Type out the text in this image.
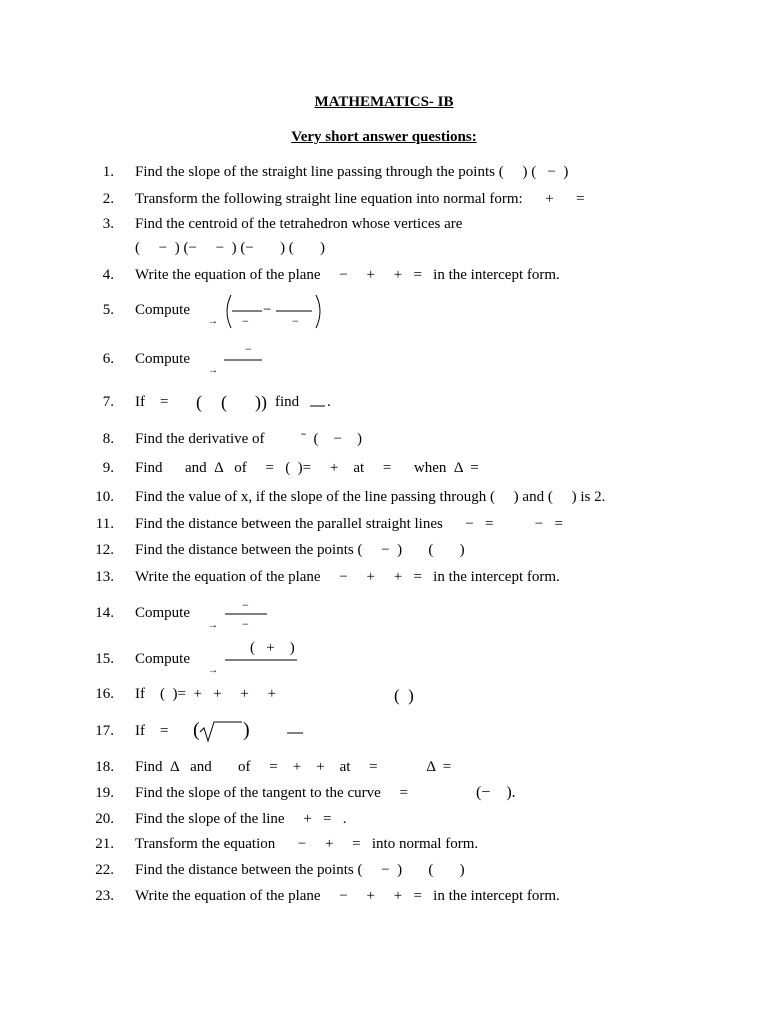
MATHEMATICS- IB
Very short answer questions:
1. Find the slope of the straight line passing through the points (     ) (   −  )
2. Transform the following straight line equation into normal form:      +      =
3. Find the centroid of the tetrahedron whose vertices are
(     −  ) (−     −  ) (−       ) (       )
4. Write the equation of the plane     −     +     +   =   in the intercept form.
5. Compute
6. Compute
7. If    =
8. Find the derivative of
9. Find      and  Δ   of     =   (  )=     +    at     =      when  Δ  =
10. Find the value of x, if the slope of the line passing through (     ) and (     ) is 2.
11. Find the distance between the parallel straight lines      −   =           −   =
12. Find the distance between the points (     −  )       (       )
13. Write the equation of the plane     −     +     +   =   in the intercept form.
14. Compute
15. Compute
16. If    (  )=  +   +     +     +
17. If    =
18. Find  Δ   and       of     =    +    +    at     =             Δ  =
19. Find the slope of the tangent to the curve     =
20. Find the slope of the line     +   =   .
21. Transform the equation      −     +     =   into normal form.
22. Find the distance between the points (     −  )       (       )
23. Write the equation of the plane     −     +     +   =   in the intercept form.
−
−	−
→
−
→
( ( )) find .
ˉ  (    −    )
−
−
→
(   +    )
→
(  )
( )
(−    ).
